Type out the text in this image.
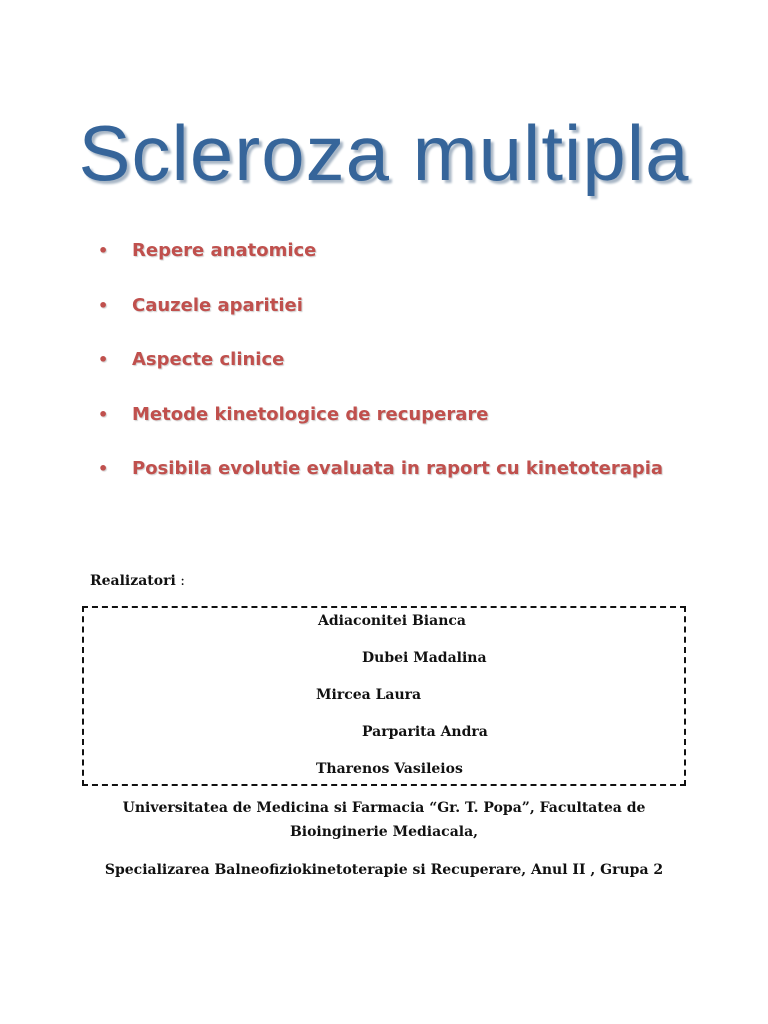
Scleroza multipla
• Repere anatomice
• Cauzele aparitiei
• Aspecte clinice
• Metode kinetologice de recuperare
• Posibila evolutie evaluata in raport cu kinetoterapia
Realizatori :
Adiaconitei Bianca
Dubei Madalina
Mircea Laura
Parparita Andra
Tharenos Vasileios
Universitatea de Medicina si Farmacia “Gr. T. Popa”, Facultatea de
Bioinginerie Mediacala,
Specializarea Balneofiziokinetoterapie si Recuperare, Anul II , Grupa 2
